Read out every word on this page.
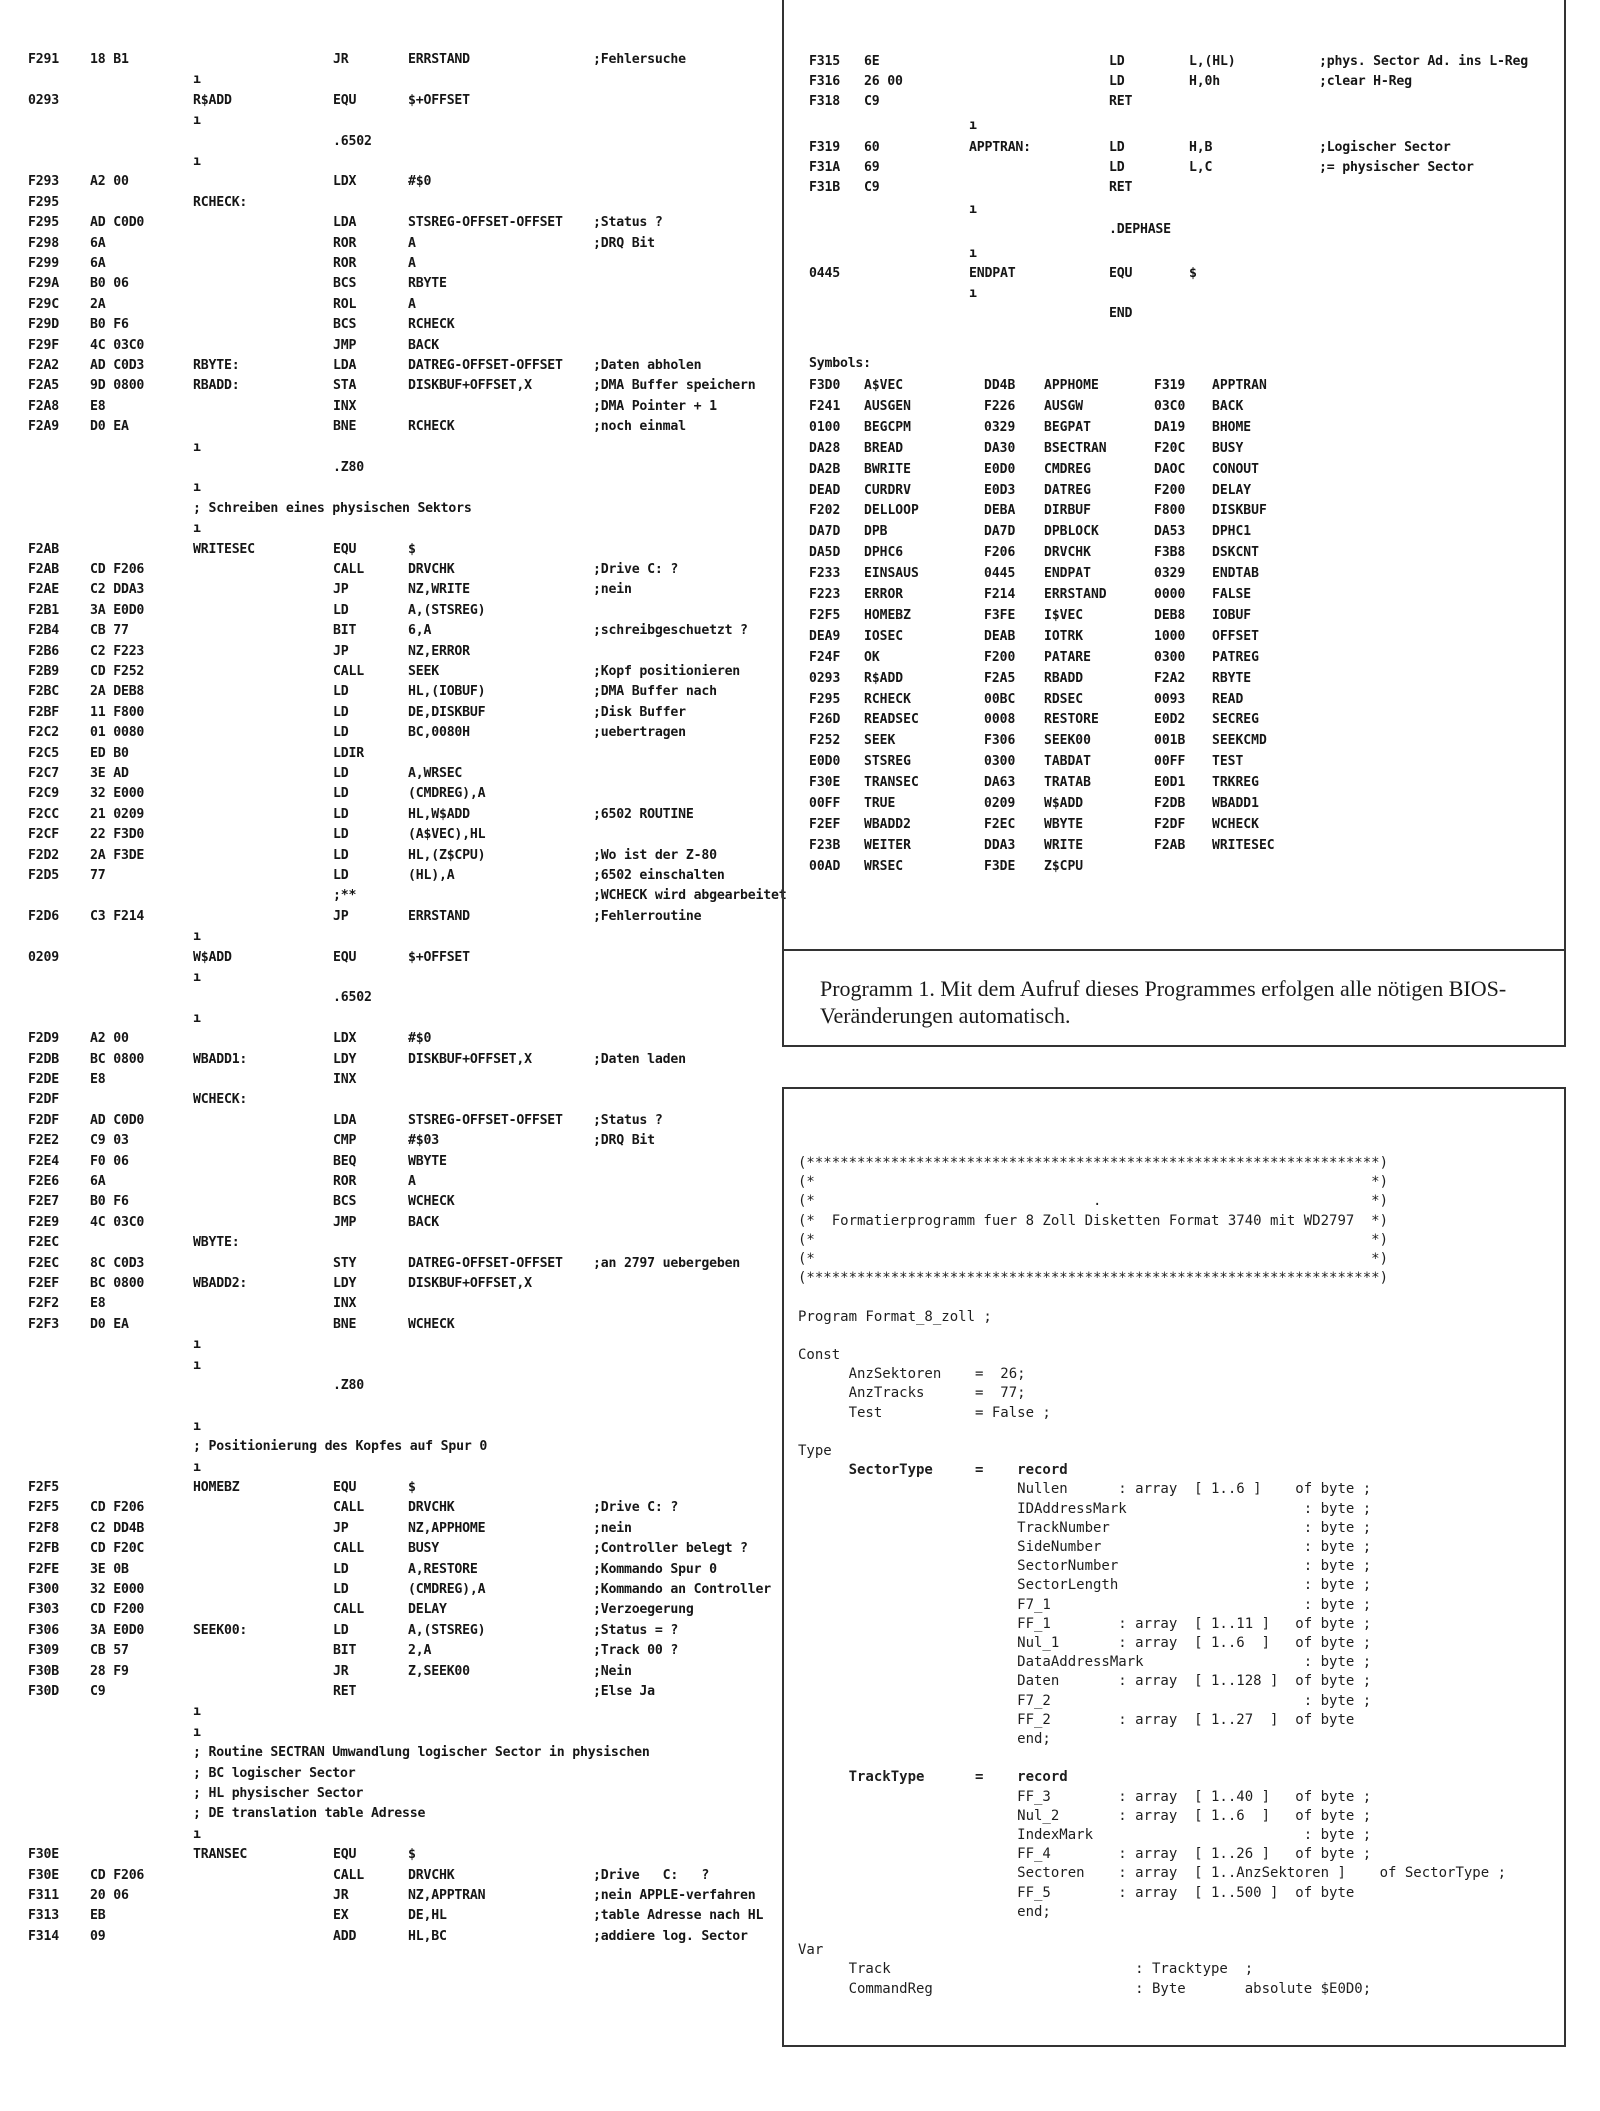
F291 18 B1	JR	ERRSTAND	;Fehlersuche
ı
0293	R$ADD	EQU	$+OFFSET
ı
.6502
ı
F293 A2 00	LDX	#$0
F295	RCHECK:
F295 AD C0D0	LDA	STSREG-OFFSET-OFFSET ;Status ?
F298 6A	ROR	A	;DRQ Bit
F299 6A	ROR	A
F29A B0 06	BCS	RBYTE
F29C 2A	ROL	A
F29D B0 F6	BCS	RCHECK
F29F 4C 03C0	JMP	BACK
F2A2 AD C0D3	RBYTE:	LDA	DATREG-OFFSET-OFFSET ;Daten abholen
F2A5 9D 0800	RBADD:	STA	DISKBUF+OFFSET,X	;DMA Buffer speichern
F2A8 E8	INX	;DMA Pointer + 1
F2A9 D0 EA	BNE	RCHECK	;noch einmal
ı
.Z80
ı
; Schreiben eines physischen Sektors
ı
F2AB	WRITESEC	EQU	$
F2AB CD F206	CALL	DRVCHK	;Drive C: ?
F2AE C2 DDA3	JP	NZ,WRITE	;nein
F2B1 3A E0D0	LD	A,(STSREG)
F2B4 CB 77	BIT	6,A	;schreibgeschuetzt ?
F2B6 C2 F223	JP	NZ,ERROR
F2B9 CD F252	CALL	SEEK	;Kopf positionieren
F2BC 2A DEB8	LD	HL,(IOBUF)	;DMA Buffer nach
F2BF 11 F800	LD	DE,DISKBUF	;Disk Buffer
F2C2 01 0080	LD	BC,0080H	;uebertragen
F2C5 ED B0	LDIR
F2C7 3E AD	LD	A,WRSEC
F2C9 32 E000	LD	(CMDREG),A
F2CC 21 0209	LD	HL,W$ADD	;6502 ROUTINE
F2CF 22 F3D0	LD	(A$VEC),HL
F2D2 2A F3DE	LD	HL,(Z$CPU)	;Wo ist der Z-80
F2D5 77	LD	(HL),A	;6502 einschalten
;**	;WCHECK wird abgearbeitet
F2D6 C3 F214	JP	ERRSTAND	;Fehlerroutine
ı
0209	W$ADD	EQU	$+OFFSET
ı
.6502
ı
F2D9 A2 00	LDX	#$0
F2DB BC 0800	WBADD1:	LDY	DISKBUF+OFFSET,X	;Daten laden
F2DE E8	INX
F2DF	WCHECK:
F2DF AD C0D0	LDA	STSREG-OFFSET-OFFSET ;Status ?
F2E2 C9 03	CMP	#$03	;DRQ Bit
F2E4 F0 06	BEQ	WBYTE
F2E6 6A	ROR	A
F2E7 B0 F6	BCS	WCHECK
F2E9 4C 03C0	JMP	BACK
F2EC	WBYTE:
F2EC 8C C0D3	STY	DATREG-OFFSET-OFFSET ;an 2797 uebergeben
F2EF BC 0800	WBADD2:	LDY	DISKBUF+OFFSET,X
F2F2 E8	INX
F2F3 D0 EA	BNE	WCHECK
ı
ı
.Z80
ı
; Positionierung des Kopfes auf Spur 0
ı
F2F5	HOMEBZ	EQU	$
F2F5 CD F206	CALL	DRVCHK	;Drive C: ?
F2F8 C2 DD4B	JP	NZ,APPHOME	;nein
F2FB CD F20C	CALL	BUSY	;Controller belegt ?
F2FE 3E 0B	LD	A,RESTORE	;Kommando Spur 0
F300 32 E000	LD	(CMDREG),A	;Kommando an Controller
F303 CD F200	CALL	DELAY	;Verzoegerung
F306 3A E0D0	SEEK00:	LD	A,(STSREG)	;Status = ?
F309 CB 57	BIT	2,A	;Track 00 ?
F30B 28 F9	JR	Z,SEEK00	;Nein
F30D C9	RET	;Else Ja
ı
ı
; Routine SECTRAN Umwandlung logischer Sector in physischen
; BC logischer Sector
; HL physischer Sector
; DE translation table Adresse
ı
F30E	TRANSEC	EQU	$
F30E CD F206	CALL	DRVCHK	;Drive   C:   ?
F311 20 06	JR	NZ,APPTRAN	;nein APPLE-verfahren
F313 EB	EX	DE,HL	;table Adresse nach HL
F314 09	ADD	HL,BC	;addiere log. Sector
F315 6E	LD	L,(HL)	;phys. Sector Ad. ins L-Reg
F316 26 00	LD	H,0h	;clear H-Reg
F318 C9	RET
ı
F319 60	APPTRAN:	LD	H,B	;Logischer Sector
F31A 69	LD	L,C	;= physischer Sector
F31B C9	RET
ı
.DEPHASE
ı
0445	ENDPAT	EQU	$
ı
END
Symbols:
F3D0 A$VEC	DD4B APPHOME	F319 APPTRAN
F241 AUSGEN	F226 AUSGW	03C0 BACK
0100 BEGCPM	0329 BEGPAT	DA19 BHOME
DA28 BREAD	DA30 BSECTRAN	F20C BUSY
DA2B BWRITE	E0D0 CMDREG	DAOC CONOUT
DEAD CURDRV	E0D3 DATREG	F200 DELAY
F202 DELLOOP	DEBA DIRBUF	F800 DISKBUF
DA7D DPB	DA7D DPBLOCK	DA53 DPHC1
DA5D DPHC6	F206 DRVCHK	F3B8 DSKCNT
F233 EINSAUS	0445 ENDPAT	0329 ENDTAB
F223 ERROR	F214 ERRSTAND	0000 FALSE
F2F5 HOMEBZ	F3FE I$VEC	DEB8 IOBUF
DEA9 IOSEC	DEAB IOTRK	1000 OFFSET
F24F OK	F200 PATARE	0300 PATREG
0293 R$ADD	F2A5 RBADD	F2A2 RBYTE
F295 RCHECK	00BC RDSEC	0093 READ
F26D READSEC	0008 RESTORE	E0D2 SECREG
F252 SEEK	F306 SEEK00	001B SEEKCMD
E0D0 STSREG	0300 TABDAT	00FF TEST
F30E TRANSEC	DA63 TRATAB	E0D1 TRKREG
00FF TRUE	0209 W$ADD	F2DB WBADD1
F2EF WBADD2	F2EC WBYTE	F2DF WCHECK
F23B WEITER	DDA3 WRITE	F2AB WRITESEC
00AD WRSEC	F3DE Z$CPU
Programm 1. Mit dem Aufruf dieses Programmes erfolgen alle nötigen BIOS-Veränderungen automatisch.
(********************************************************************)
(*                                                                  *)
(*                                 .                                *)
(*  Formatierprogramm fuer 8 Zoll Disketten Format 3740 mit WD2797  *)
(*                                                                  *)
(*                                                                  *)
(********************************************************************)
Program Format_8_zoll ;
Const
AnzSektoren    =  26;
AnzTracks      =  77;
Test           = False ;
Type
SectorType     =    record
Nullen      : array  [ 1..6 ]    of byte ;
IDAddressMark                     : byte ;
TrackNumber                       : byte ;
SideNumber                        : byte ;
SectorNumber                      : byte ;
SectorLength                      : byte ;
F7_1                              : byte ;
FF_1        : array  [ 1..11 ]   of byte ;
Nul_1       : array  [ 1..6  ]   of byte ;
DataAddressMark                   : byte ;
Daten       : array  [ 1..128 ]  of byte ;
F7_2                              : byte ;
FF_2        : array  [ 1..27  ]  of byte
end;
TrackType      =    record
FF_3        : array  [ 1..40 ]   of byte ;
Nul_2       : array  [ 1..6  ]   of byte ;
IndexMark                         : byte ;
FF_4        : array  [ 1..26 ]   of byte ;
Sectoren    : array  [ 1..AnzSektoren ]    of SectorType ;
FF_5        : array  [ 1..500 ]  of byte
end;
Var
Track                             : Tracktype  ;
CommandReg                        : Byte       absolute $E0D0;
